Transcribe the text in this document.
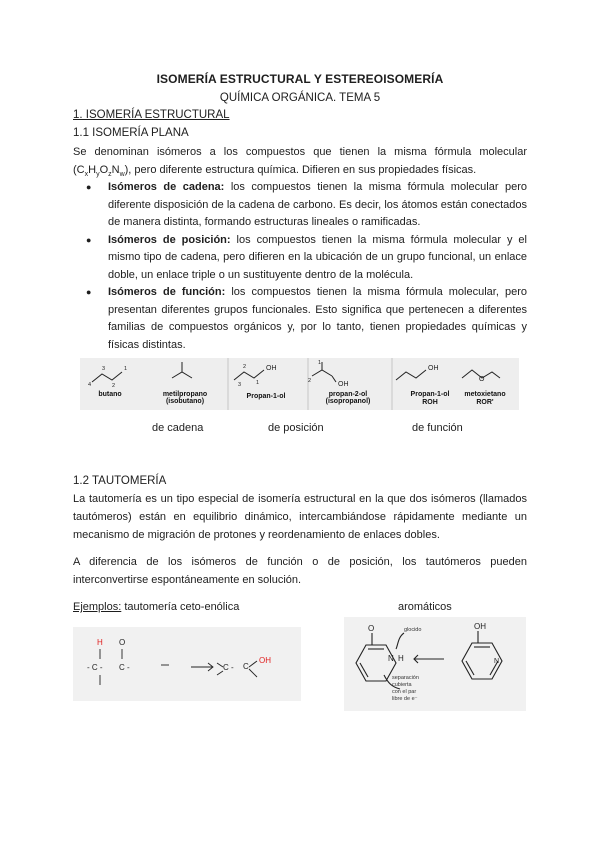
ISOMERÍA ESTRUCTURAL Y ESTEREOISOMERÍA
QUÍMICA ORGÁNICA. TEMA 5
1. ISOMERÍA ESTRUCTURAL
1.1 ISOMERÍA PLANA
Se denominan isómeros a los compuestos que tienen la misma fórmula molecular $(C_xH_yO_zN_w)$, pero diferente estructura química. Difieren en sus propiedades físicas.
● Isómeros de cadena: los compuestos tienen la misma fórmula molecular pero diferente disposición de la cadena de carbono. Es decir, los átomos están conectados de manera distinta, formando estructuras lineales o ramificadas.
● Isómeros de posición: los compuestos tienen la misma fórmula molecular y el mismo tipo de cadena, pero difieren en la ubicación de un grupo funcional, un enlace doble, un enlace triple o un sustituyente dentro de la molécula.
● Isómeros de función: los compuestos tienen la misma fórmula molecular, pero presentan diferentes grupos funcionales. Esto significa que pertenecen a diferentes familias de compuestos orgánicos y, por lo tanto, tienen propiedades químicas y físicas distintas.
4
3
2
1
3
2
1
OH
1
2	OH
OH
O
butano	metilpropano
(isobutano)
Propan-1-ol	propan-2-ol
(isopropanol)
Propan-1-ol
ROH
metoxietano
ROR'
de cadena	de posición	de función
1.2 TAUTOMERÍA
La tautomería es un tipo especial de isomería estructural en la que dos isómeros (llamados tautómeros) están en equilibrio dinámico, intercambiándose rápidamente mediante un mecanismo de migración de protones y reordenamiento de enlaces dobles.
A diferencia de los isómeros de función o de posición, los tautómeros pueden interconvertirse espontáneamente en solución.
Ejemplos: tautomería ceto-enólica	aromáticos
H O
- C - C -	C - C
OH
O
N H
OH
N
glocido
separación
cubierta
con el par
libre de e⁻
